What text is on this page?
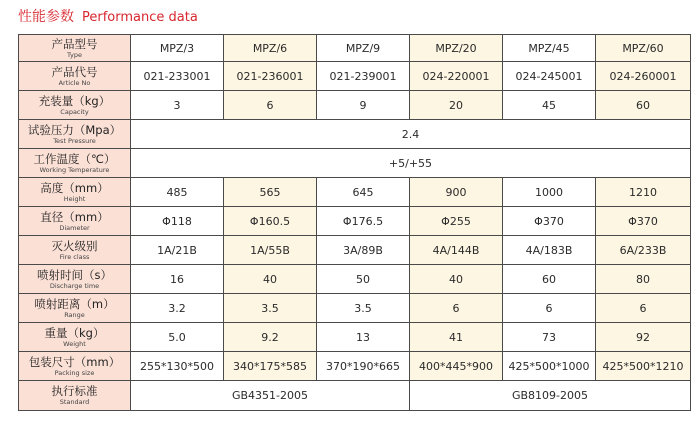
性能参数 Performance data
产品型号
Type	MPZ/3	MPZ/6	MPZ/9	MPZ/20	MPZ/45	MPZ/60

产品代号
Article No	021-233001	021-236001	021-239001	024-220001	024-245001	024-260001

充装量（kg）
Capacity	3	6	9	20	45	60

试验压力（Mpa）
Test Pressure	2.4					

工作温度（℃）
Working Temperature	+5/+55					

高度（mm）
Height	485	565	645	900	1000	1210

直径（mm）
Diameter	Φ118	Φ160.5	Φ176.5	Φ255	Φ370	Φ370

灭火级别
Fire class	1A/21B	1A/55B	3A/89B	4A/144B	4A/183B	6A/233B

喷射时间（s）
Discharge time	16	40	50	40	60	80

喷射距离（m）
Range	3.2	3.5	3.5	6	6	6

重量（kg）
Weight	5.0	9.2	13	41	73	92

包装尺寸（mm）
Packing size	255*130*500	340*175*585	370*190*665	400*445*900	425*500*1000	425*500*1210

执行标准
Standard	GB4351-2005			GB8109-2005		
